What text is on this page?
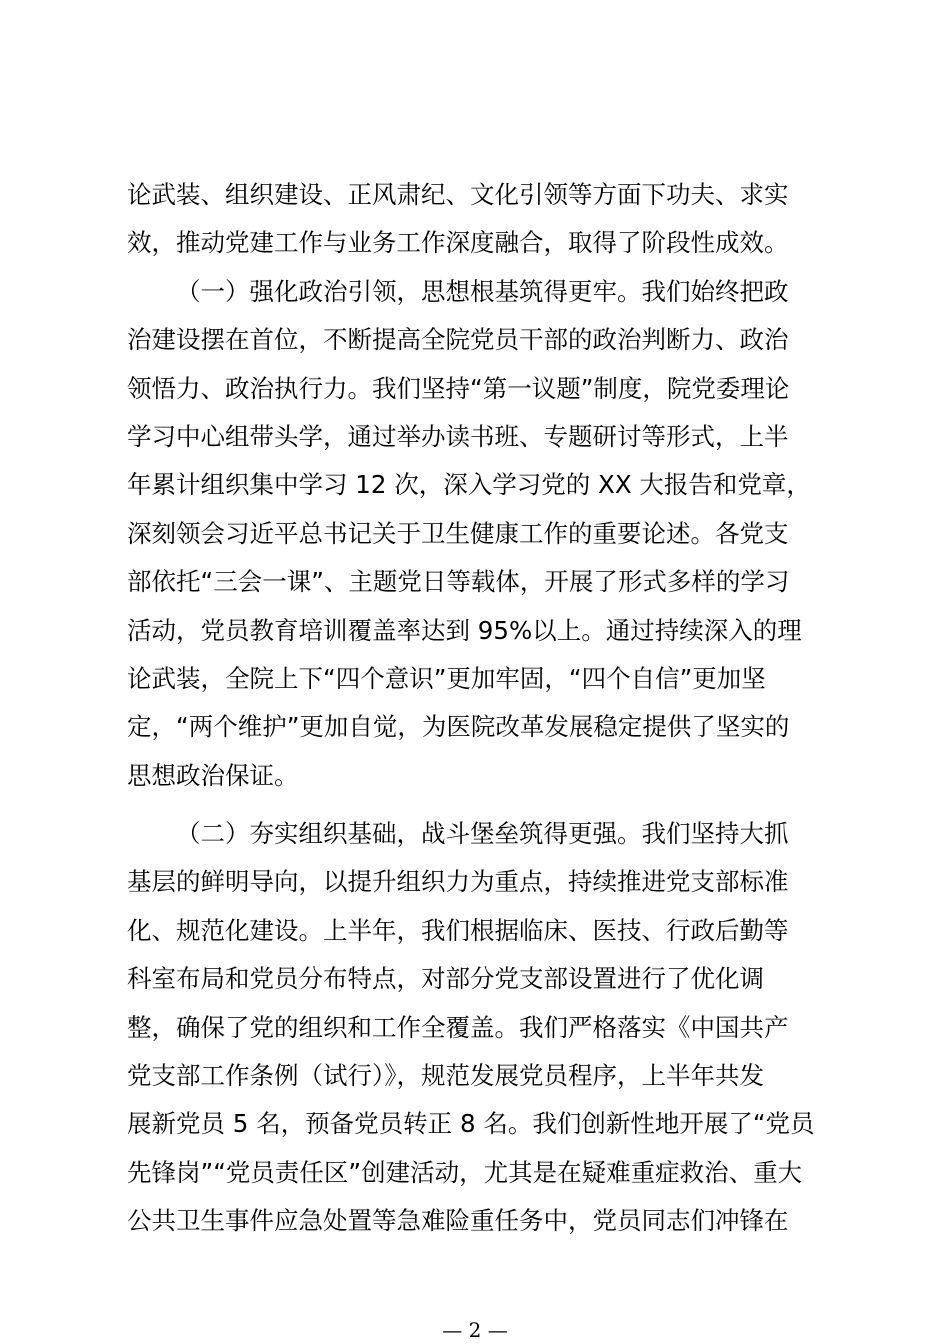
论武装、组织建设、正风肃纪、文化引领等方面下功夫、求实
效，推动党建工作与业务工作深度融合，取得了阶段性成效。
（一）强化政治引领，思想根基筑得更牢。我们始终把政
治建设摆在首位，不断提高全院党员干部的政治判断力、政治
领悟力、政治执行力。我们坚持“第一议题”制度，院党委理论
学习中心组带头学，通过举办读书班、专题研讨等形式，上半
年累计组织集中学习 12 次，深入学习党的 XX 大报告和党章，
深刻领会习近平总书记关于卫生健康工作的重要论述。各党支
部依托“三会一课”、主题党日等载体，开展了形式多样的学习
活动，党员教育培训覆盖率达到 95%以上。通过持续深入的理
论武装，全院上下“四个意识”更加牢固，“四个自信”更加坚
定，“两个维护”更加自觉，为医院改革发展稳定提供了坚实的
思想政治保证。
（二）夯实组织基础，战斗堡垒筑得更强。我们坚持大抓
基层的鲜明导向，以提升组织力为重点，持续推进党支部标准
化、规范化建设。上半年，我们根据临床、医技、行政后勤等
科室布局和党员分布特点，对部分党支部设置进行了优化调
整，确保了党的组织和工作全覆盖。我们严格落实《中国共产
党支部工作条例（试行）》，规范发展党员程序，上半年共发
展新党员 5 名，预备党员转正 8 名。我们创新性地开展了“党员
先锋岗”“党员责任区”创建活动，尤其是在疑难重症救治、重大
公共卫生事件应急处置等急难险重任务中，党员同志们冲锋在
— 2 —
